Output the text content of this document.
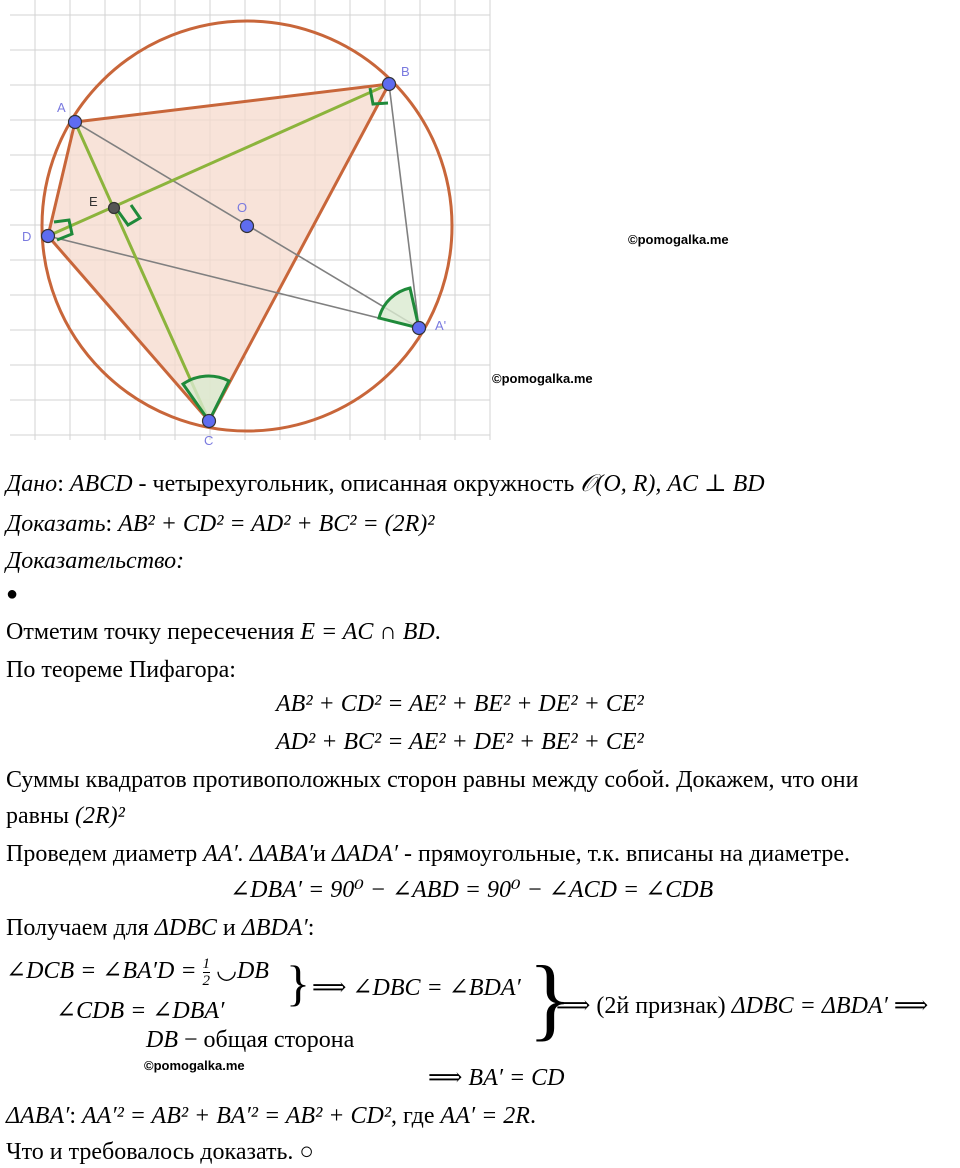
A
B
C
D
O
A'
E
©pomogalka.me
©pomogalka.me
©pomogalka.me
Дано: ABCD - четырехугольник, описанная окружность 𝒪(O, R), AC ⊥ BD
Доказать: AB² + CD² = AD² + BC² = (2R)²
Доказательство:
●
Отметим точку пересечения E = AC ∩ BD.
По теореме Пифагора:
AB² + CD² = AE² + BE² + DE² + CE²
AD² + BC² = AE² + DE² + BE² + CE²
Суммы квадратов противоположных сторон равны между собой. Докажем, что они
равны (2R)²
Проведем диаметр AA′. ΔABA′и ΔADA′ - прямоугольные, т.к. вписаны на диаметре.
∠DBA′ = 90⁰ − ∠ABD = 90⁰ − ∠ACD = ∠CDB
Получаем для ΔDBC и ΔBDA′:
∠DCB = ∠BA′D = $\frac{1}{2}$ ◡DB
∠CDB = ∠DBA′
DB − общая сторона
} ⟹ ∠DBC = ∠BDA′ }
⟹ (2й признак) ΔDBC = ΔBDA′ ⟹
⟹ BA′ = CD
ΔABA′: AA′² = AB² + BA′² = AB² + CD², где AA′ = 2R.
Что и требовалось доказать. ○
